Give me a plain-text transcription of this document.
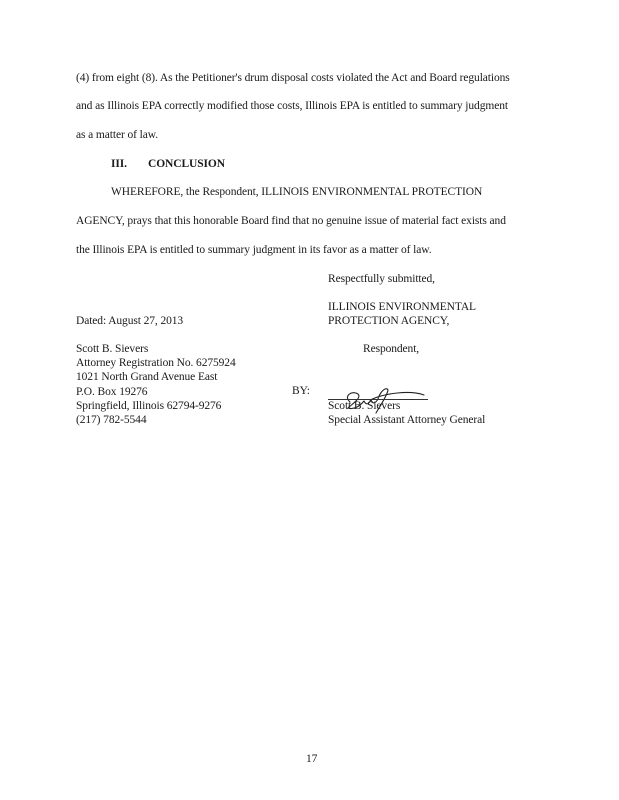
(4) from eight (8). As the Petitioner's drum disposal costs violated the Act and Board regulations
and as Illinois EPA correctly modified those costs, Illinois EPA is entitled to summary judgment
as a matter of law.
III. CONCLUSION
WHEREFORE, the Respondent, ILLINOIS ENVIRONMENTAL PROTECTION
AGENCY, prays that this honorable Board find that no genuine issue of material fact exists and
the Illinois EPA is entitled to summary judgment in its favor as a matter of law.
Respectfully submitted,
ILLINOIS ENVIRONMENTAL
PROTECTION AGENCY,
Dated: August 27, 2013
Scott B. Sievers
Attorney Registration No. 6275924
1021 North Grand Avenue East
P.O. Box 19276
Springfield, Illinois 62794-9276
(217) 782-5544
Respondent,
BY:
Scott B. Sievers
Special Assistant Attorney General
17
